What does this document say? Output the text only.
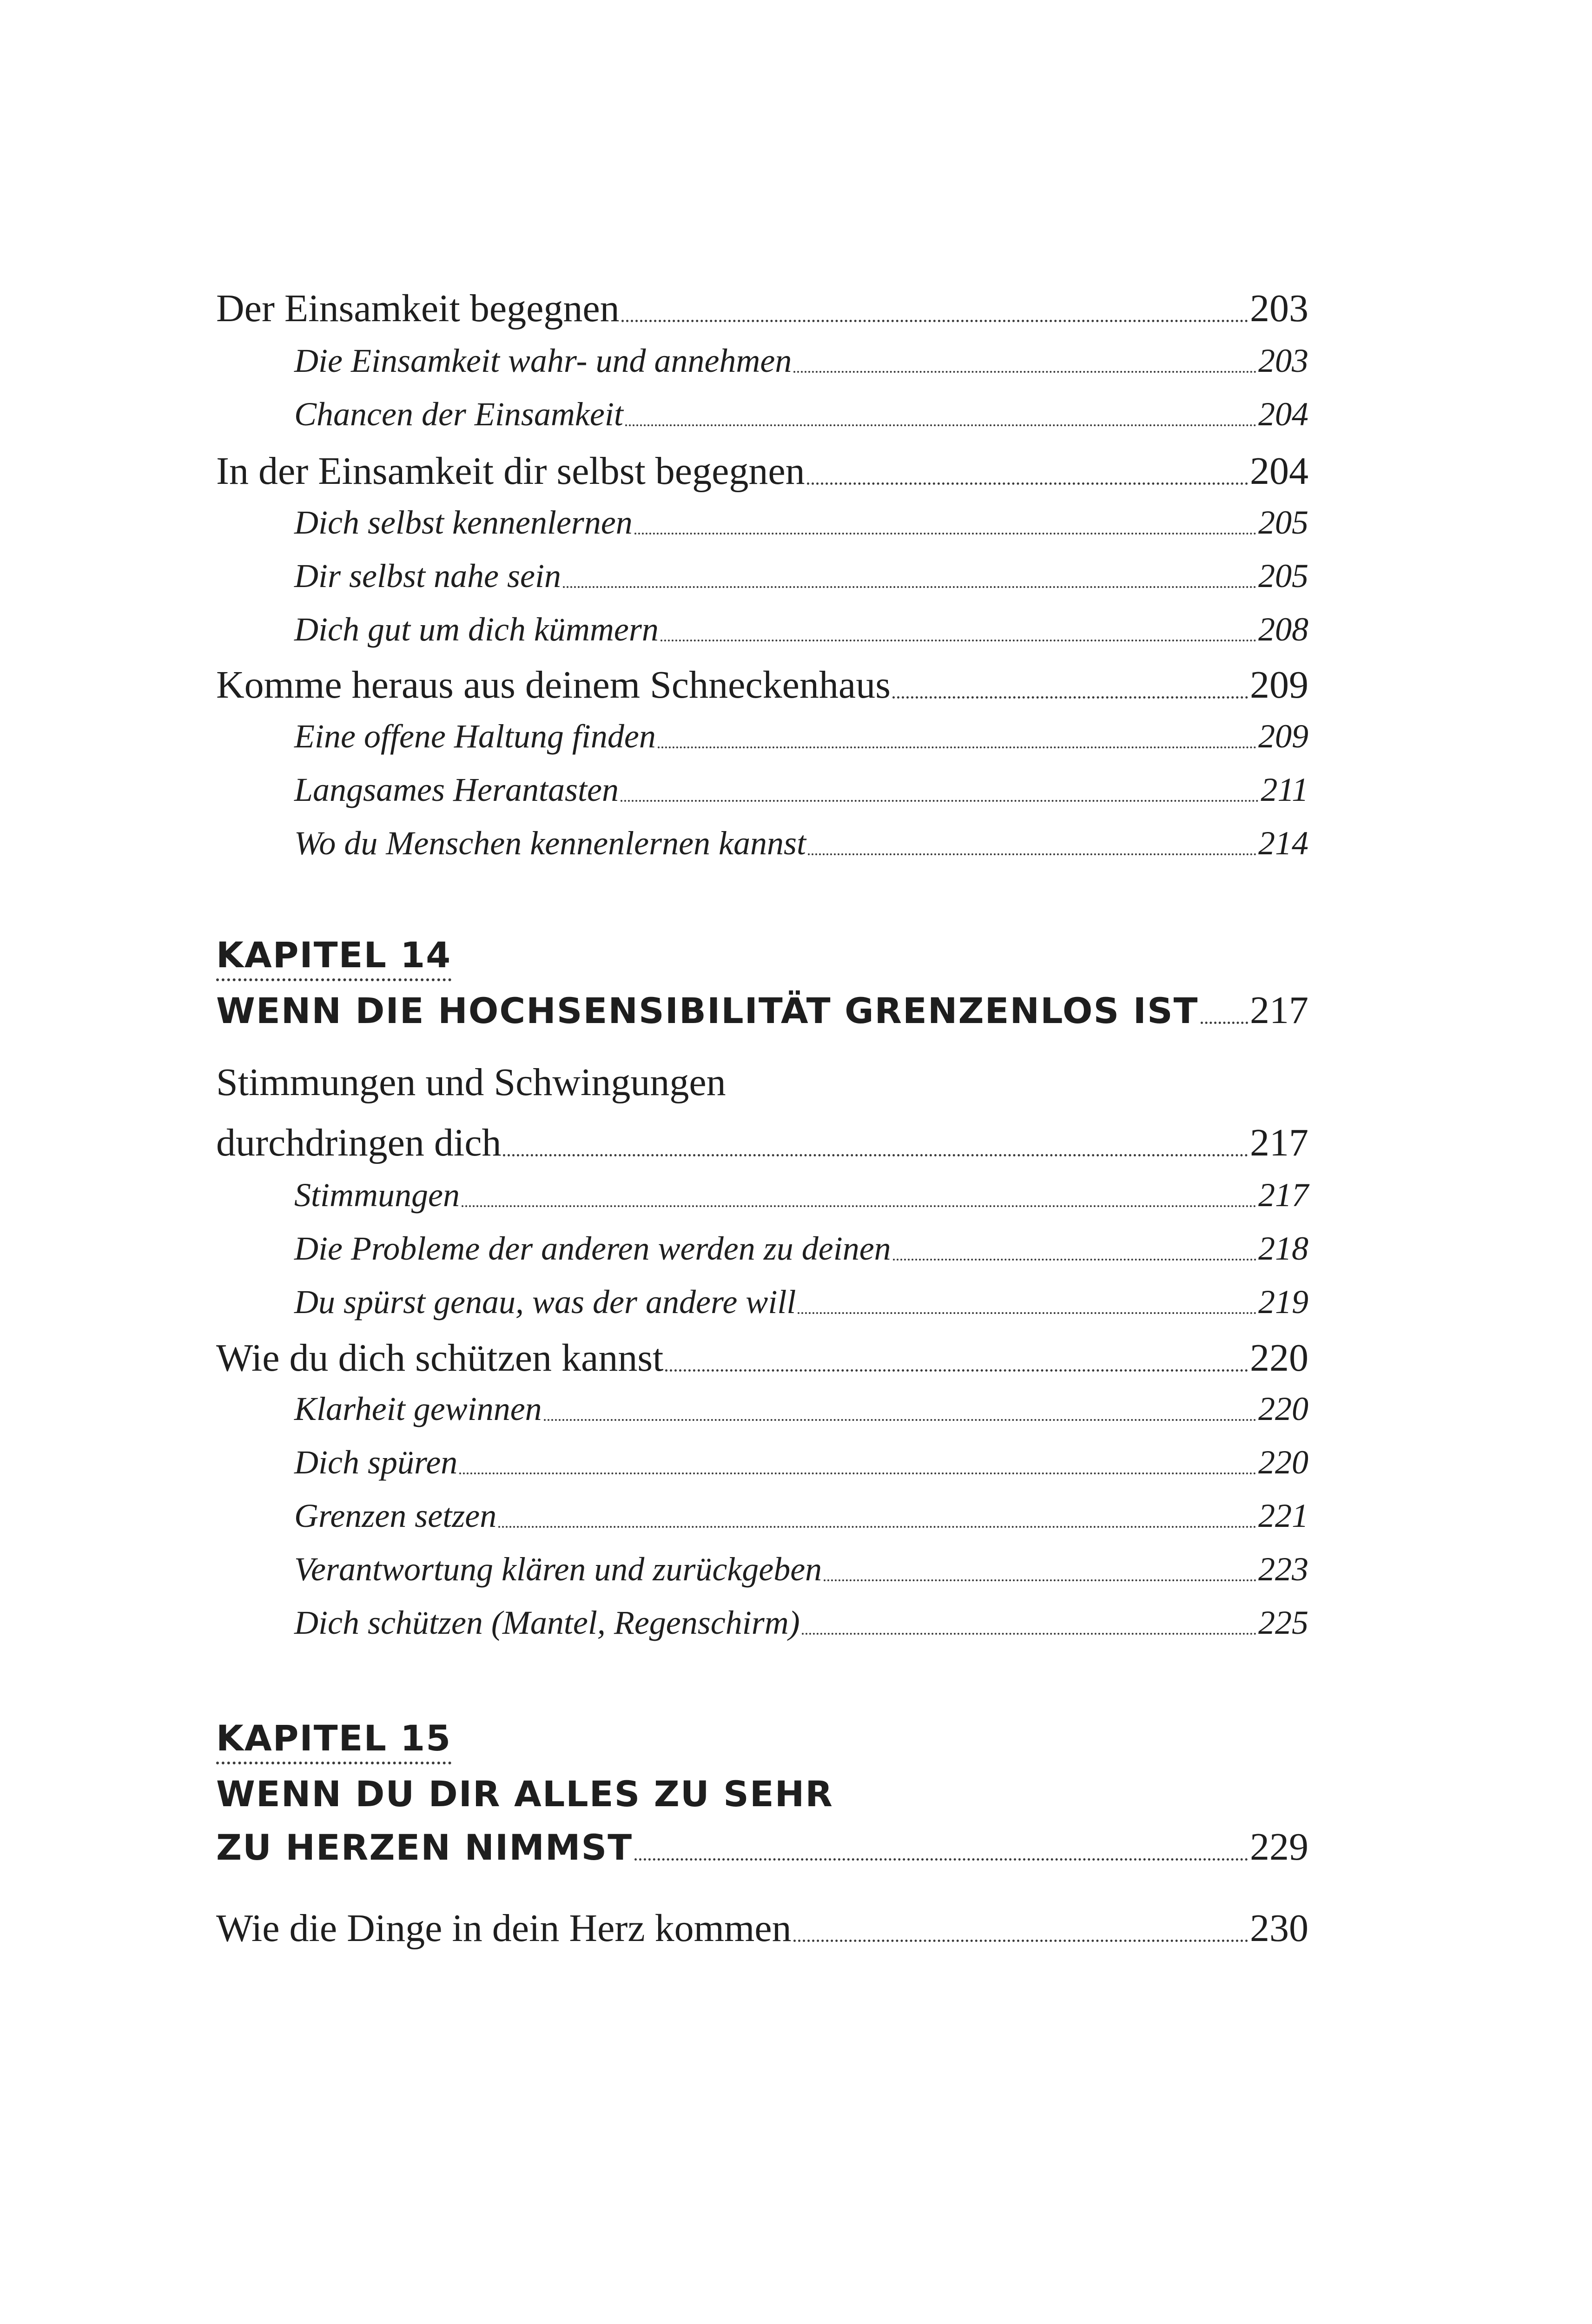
Der Einsamkeit begegnen	203
Die Einsamkeit wahr- und annehmen	203
Chancen der Einsamkeit	204
In der Einsamkeit dir selbst begegnen	204
Dich selbst kennenlernen	205
Dir selbst nahe sein	205
Dich gut um dich kümmern	208
Komme heraus aus deinem Schneckenhaus	209
Eine offene Haltung finden	209
Langsames Herantasten	211
Wo du Menschen kennenlernen kannst	214
KAPITEL 14
WENN DIE HOCHSENSIBILITÄT GRENZENLOS IST 217
Stimmungen und Schwingungen
durchdringen dich	217
Stimmungen	217
Die Probleme der anderen werden zu deinen	218
Du spürst genau, was der andere will	219
Wie du dich schützen kannst	220
Klarheit gewinnen	220
Dich spüren	220
Grenzen setzen	221
Verantwortung klären und zurückgeben	223
Dich schützen (Mantel, Regenschirm)	225
KAPITEL 15
WENN DU DIR ALLES ZU SEHR
ZU HERZEN NIMMST	229
Wie die Dinge in dein Herz kommen	230
